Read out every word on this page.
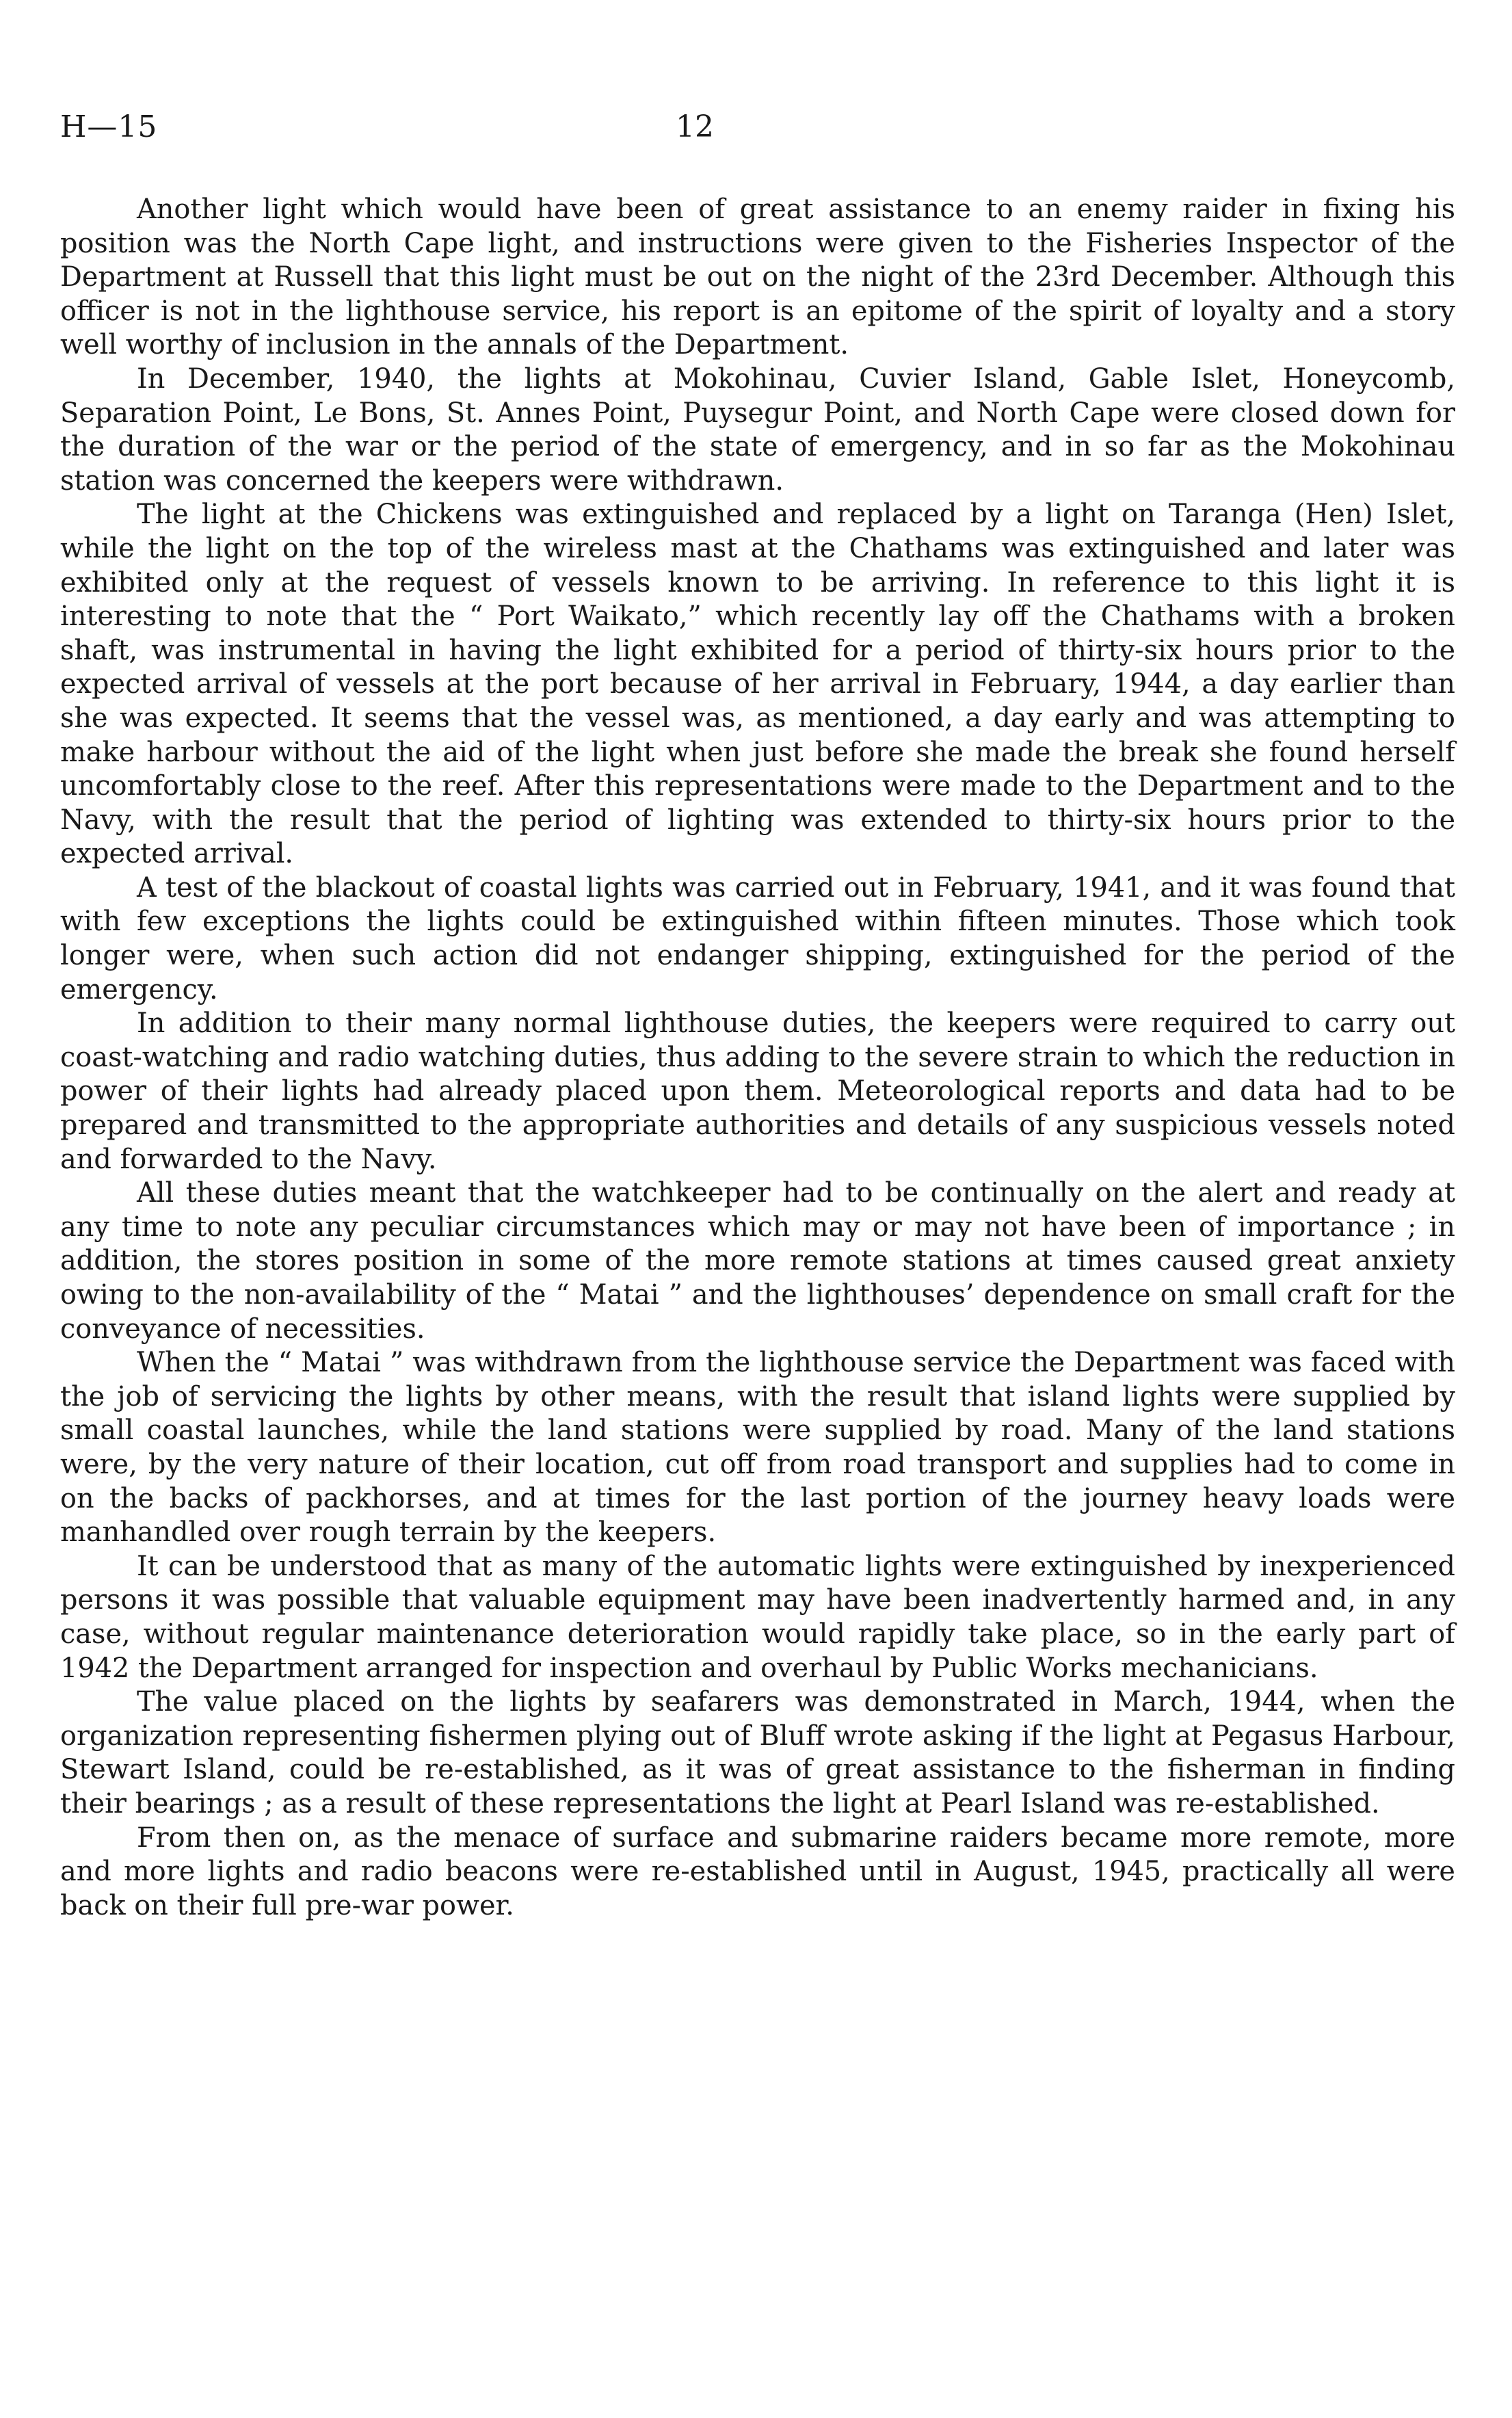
H—15	12

Another light which would have been of great assistance to an enemy raider in fixing his position was the North Cape light, and instructions were given to the Fisheries Inspector of the Department at Russell that this light must be out on the night of the 23rd December. Although this officer is not in the lighthouse service, his report is an epitome of the spirit of loyalty and a story well worthy of inclusion in the annals of the Department.

In December, 1940, the lights at Mokohinau, Cuvier Island, Gable Islet, Honeycomb, Separation Point, Le Bons, St. Annes Point, Puysegur Point, and North Cape were closed down for the duration of the war or the period of the state of emergency, and in so far as the Mokohinau station was concerned the keepers were withdrawn.

The light at the Chickens was extinguished and replaced by a light on Taranga (Hen) Islet, while the light on the top of the wireless mast at the Chathams was extinguished and later was exhibited only at the request of vessels known to be arriving. In reference to this light it is interesting to note that the “ Port Waikato,” which recently lay off the Chathams with a broken shaft, was instrumental in having the light exhibited for a period of thirty-six hours prior to the expected arrival of vessels at the port because of her arrival in February, 1944, a day earlier than she was expected. It seems that the vessel was, as mentioned, a day early and was attempting to make harbour without the aid of the light when just before she made the break she found herself uncomfortably close to the reef. After this representations were made to the Department and to the Navy, with the result that the period of lighting was extended to thirty-six hours prior to the expected arrival.

A test of the blackout of coastal lights was carried out in February, 1941, and it was found that with few exceptions the lights could be extinguished within fifteen minutes. Those which took longer were, when such action did not endanger shipping, extinguished for the period of the emergency.

In addition to their many normal lighthouse duties, the keepers were required to carry out coast-watching and radio watching duties, thus adding to the severe strain to which the reduction in power of their lights had already placed upon them. Meteorological reports and data had to be prepared and transmitted to the appropriate authorities and details of any suspicious vessels noted and forwarded to the Navy.

All these duties meant that the watchkeeper had to be continually on the alert and ready at any time to note any peculiar circumstances which may or may not have been of importance ; in addition, the stores position in some of the more remote stations at times caused great anxiety owing to the non-availability of the “ Matai ” and the lighthouses’ dependence on small craft for the conveyance of necessities.

When the “ Matai ” was withdrawn from the lighthouse service the Department was faced with the job of servicing the lights by other means, with the result that island lights were supplied by small coastal launches, while the land stations were supplied by road. Many of the land stations were, by the very nature of their location, cut off from road transport and supplies had to come in on the backs of packhorses, and at times for the last portion of the journey heavy loads were manhandled over rough terrain by the keepers.

It can be understood that as many of the automatic lights were extinguished by inexperienced persons it was possible that valuable equipment may have been inadvertently harmed and, in any case, without regular maintenance deterioration would rapidly take place, so in the early part of 1942 the Department arranged for inspection and overhaul by Public Works mechanicians.

The value placed on the lights by seafarers was demonstrated in March, 1944, when the organization representing fishermen plying out of Bluff wrote asking if the light at Pegasus Harbour, Stewart Island, could be re-established, as it was of great assistance to the fisherman in finding their bearings ; as a result of these representations the light at Pearl Island was re-established.

From then on, as the menace of surface and submarine raiders became more remote, more and more lights and radio beacons were re-established until in August, 1945, practically all were back on their full pre-war power.
